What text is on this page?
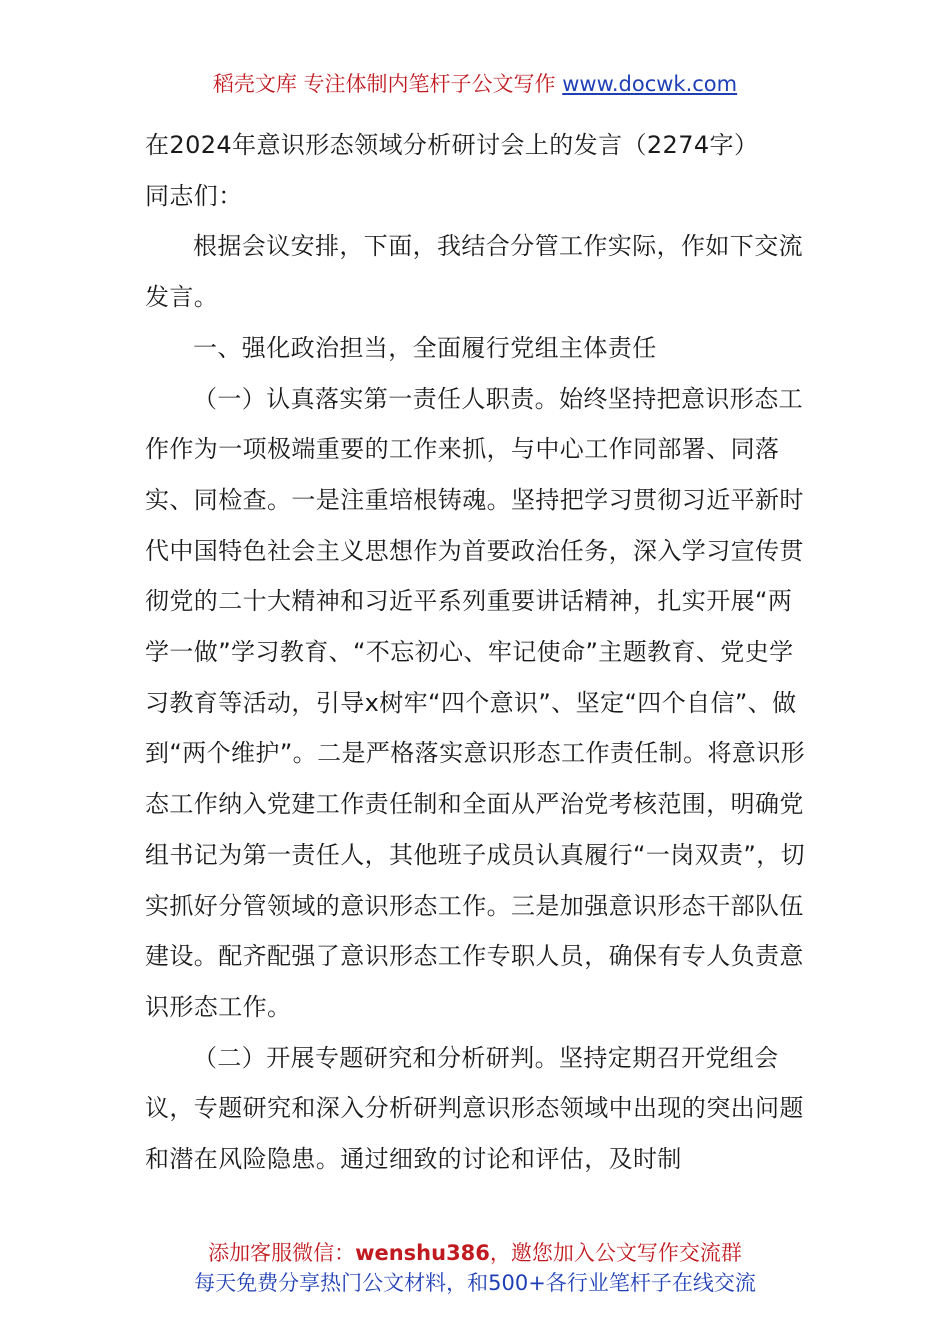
稻壳文库 专注体制内笔杆子公文写作 www.docwk.com

在2024年意识形态领域分析研讨会上的发言（2274字）

同志们：

根据会议安排，下面，我结合分管工作实际，作如下交流发言。

一、强化政治担当，全面履行党组主体责任

（一）认真落实第一责任人职责。始终坚持把意识形态工作作为一项极端重要的工作来抓，与中心工作同部署、同落实、同检查。一是注重培根铸魂。坚持把学习贯彻习近平新时代中国特色社会主义思想作为首要政治任务，深入学习宣传贯彻党的二十大精神和习近平系列重要讲话精神，扎实开展“两学一做”学习教育、“不忘初心、牢记使命”主题教育、党史学习教育等活动，引导x树牢“四个意识”、坚定“四个自信”、做到“两个维护”。二是严格落实意识形态工作责任制。将意识形态工作纳入党建工作责任制和全面从严治党考核范围，明确党组书记为第一责任人，其他班子成员认真履行“一岗双责”，切实抓好分管领域的意识形态工作。三是加强意识形态干部队伍建设。配齐配强了意识形态工作专职人员，确保有专人负责意识形态工作。

（二）开展专题研究和分析研判。坚持定期召开党组会议，专题研究和深入分析研判意识形态领域中出现的突出问题和潜在风险隐患。通过细致的讨论和评估，及时制

添加客服微信：wenshu386，邀您加入公文写作交流群
每天免费分享热门公文材料，和500+各行业笔杆子在线交流
